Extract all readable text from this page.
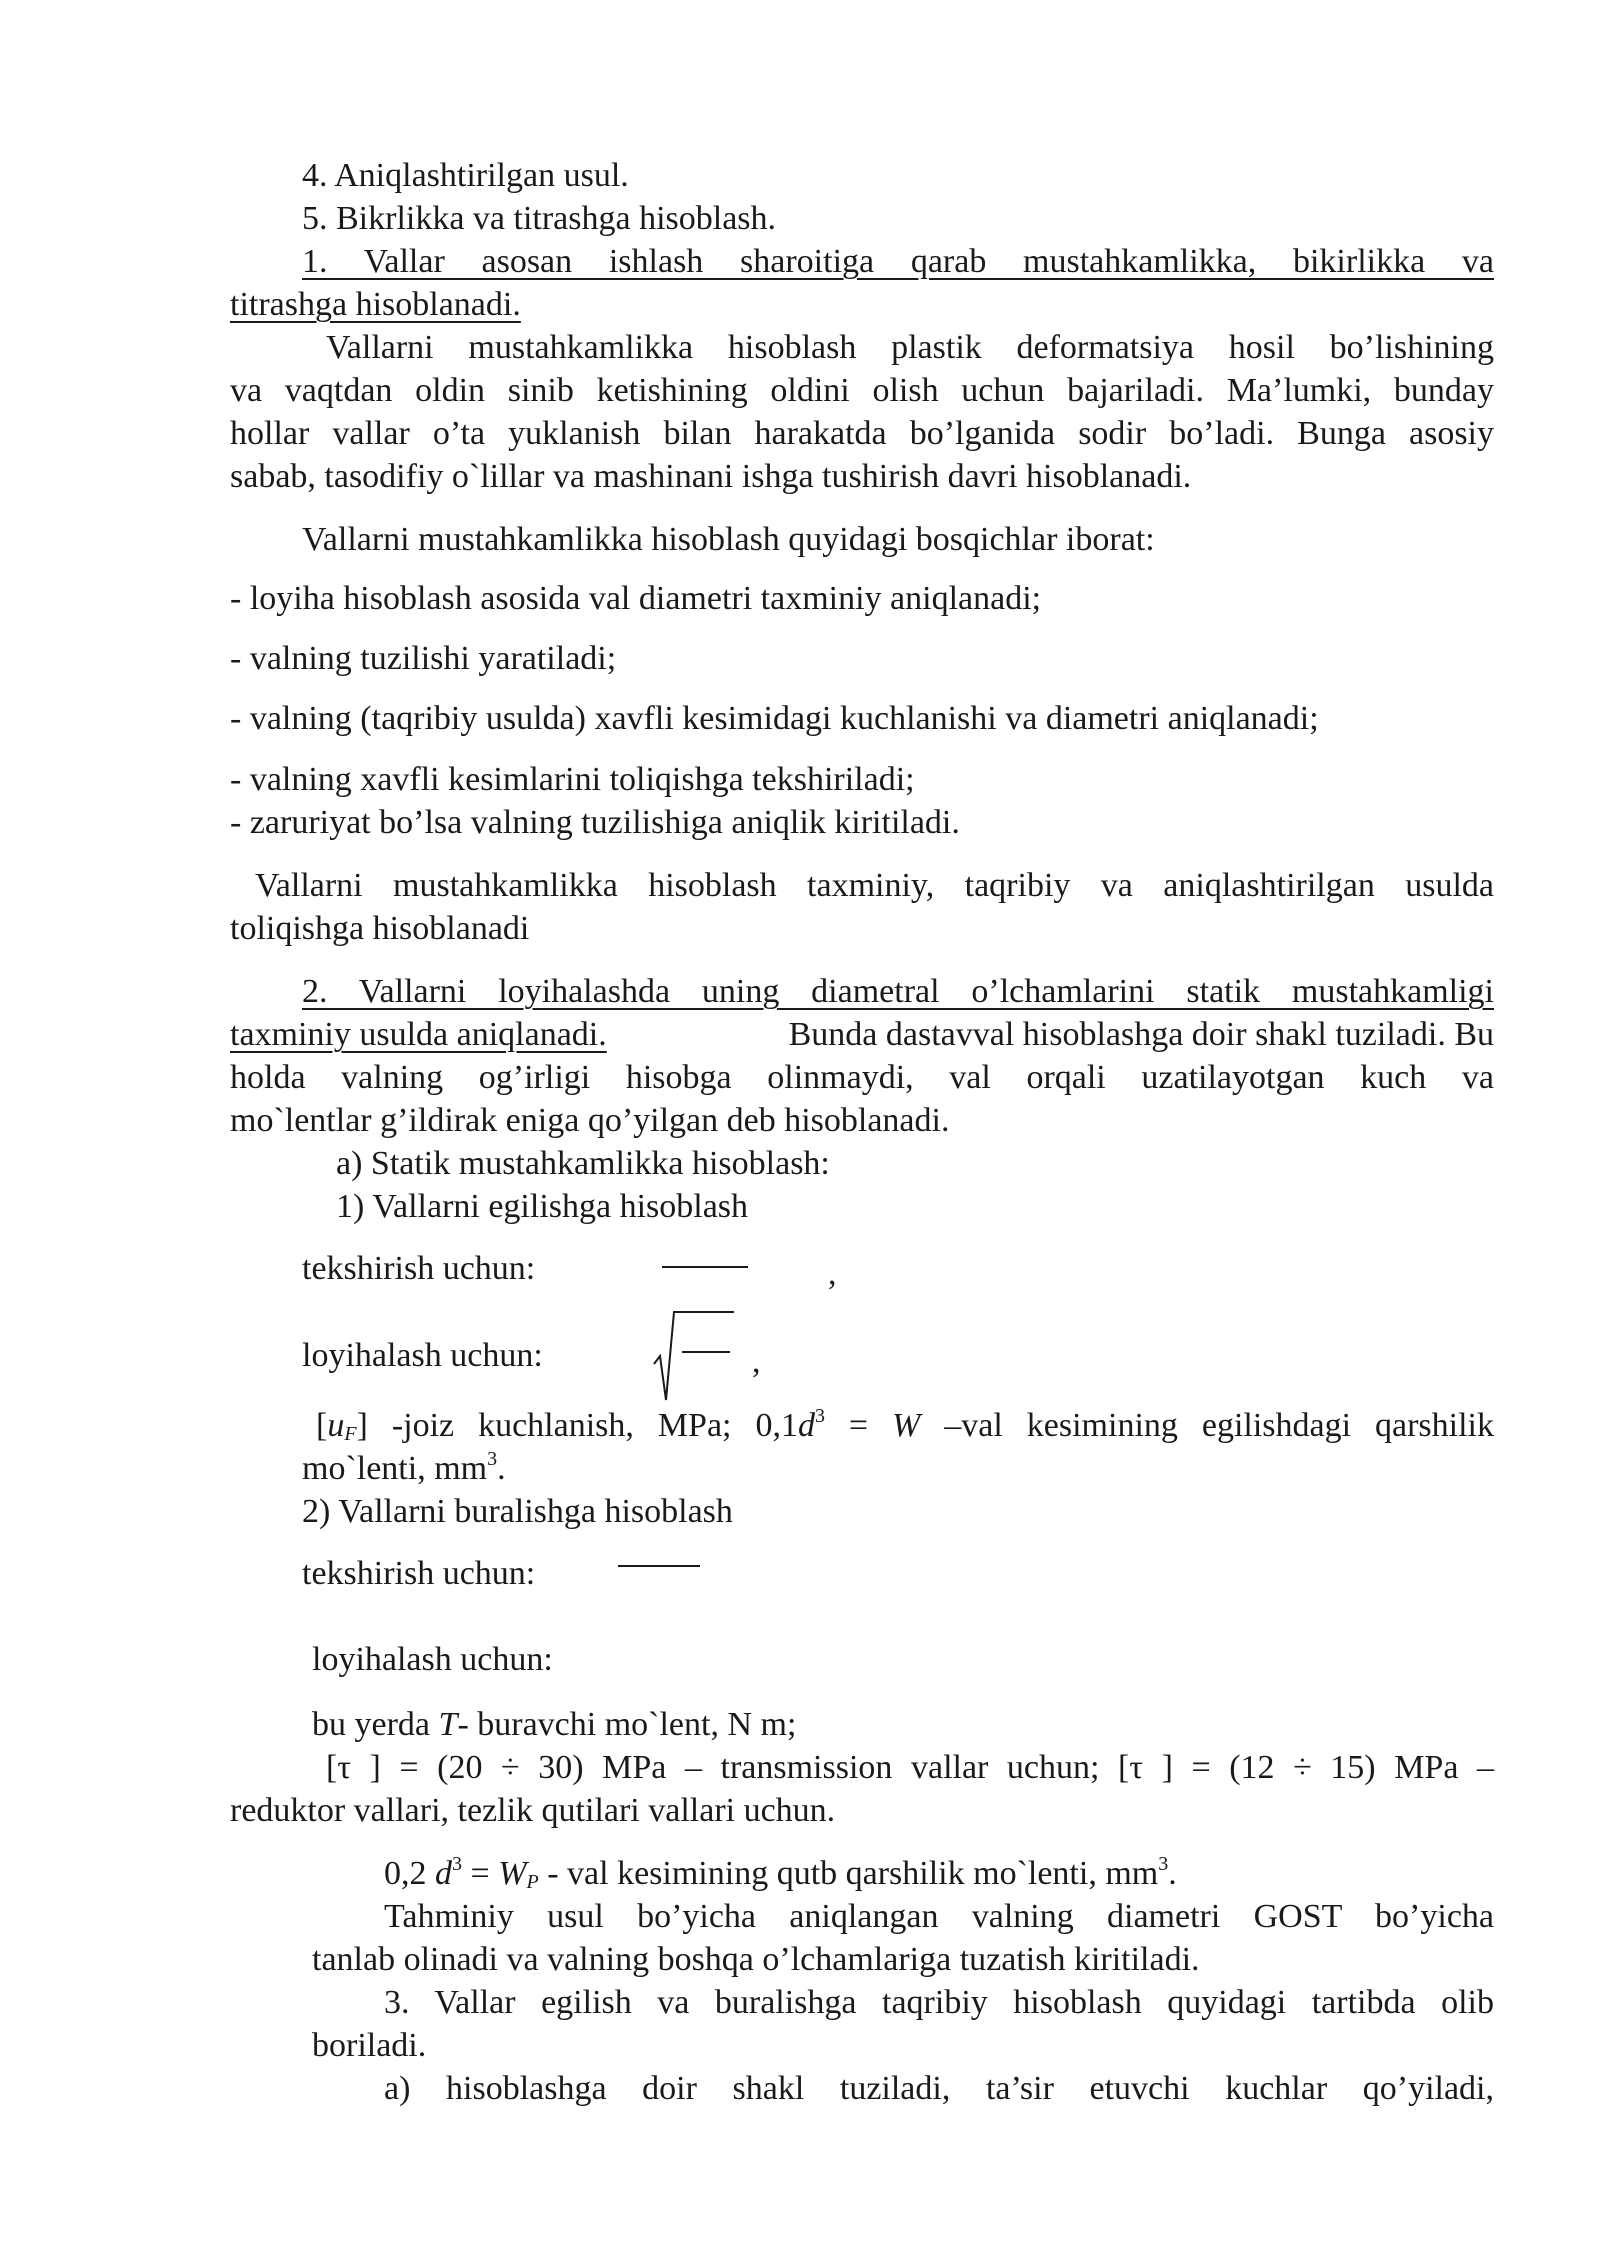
4. Aniqlashtirilgan usul.
5. Bikrlikka va titrashga hisoblash.
1. Vallar asosan ishlash sharoitiga qarab mustahkamlikka, bikirlikka va
titrashga hisoblanadi.
Vallarni mustahkamlikka hisoblash plastik deformatsiya hosil bo’lishining
va vaqtdan oldin sinib ketishining oldini olish uchun bajariladi. Ma’lumki, bunday
hollar vallar o’ta yuklanish bilan harakatda bo’lganida sodir bo’ladi. Bunga asosiy
sabab, tasodifiy o`lillar va mashinani ishga tushirish davri hisoblanadi.
Vallarni mustahkamlikka hisoblash quyidagi bosqichlar iborat:
- loyiha hisoblash asosida val diametri taxminiy aniqlanadi;
- valning tuzilishi yaratiladi;
- valning (taqribiy usulda) xavfli kesimidagi kuchlanishi va diametri aniqlanadi;
- valning xavfli kesimlarini toliqishga tekshiriladi;
- zaruriyat bo’lsa valning tuzilishiga aniqlik kiritiladi.
Vallarni mustahkamlikka hisoblash taxminiy, taqribiy va aniqlashtirilgan usulda
toliqishga hisoblanadi
2. Vallarni loyihalashda uning diametral o’lchamlarini statik mustahkamligi
taxminiy usulda aniqlanadi.	Bunda dastavval hisoblashga doir shakl tuziladi. Bu
holda valning og’irligi hisobga olinmaydi, val orqali uzatilayotgan kuch va
mo`lentlar g’ildirak eniga qo’yilgan deb hisoblanadi.
a) Statik mustahkamlikka hisoblash:
1) Vallarni egilishga hisoblash
tekshirish uchun:	,
loyihalash uchun:	,
$[u_F]$ -joiz kuchlanish, MPa; $0,1d^3 = W$ –val kesimining egilishdagi qarshilik
mo`lenti, $mm^3$.
2) Vallarni buralishga hisoblash
tekshirish uchun:
loyihalash uchun:
bu yerda T- buravchi mo`lent, N m;
[τ ] = (20 ÷ 30) MPa – transmission vallar uchun; [τ ] = (12 ÷ 15) MPa –
reduktor vallari, tezlik qutilari vallari uchun.
0,2 $d^3 = W_P$ - val kesimining qutb qarshilik mo`lenti, $mm^3$.
Tahminiy usul bo’yicha aniqlangan valning diametri GOST bo’yicha
tanlab olinadi va valning boshqa o’lchamlariga tuzatish kiritiladi.
3. Vallar egilish va buralishga taqribiy hisoblash quyidagi tartibda olib
boriladi.
a) hisoblashga doir shakl tuziladi, ta’sir etuvchi kuchlar qo’yiladi,
